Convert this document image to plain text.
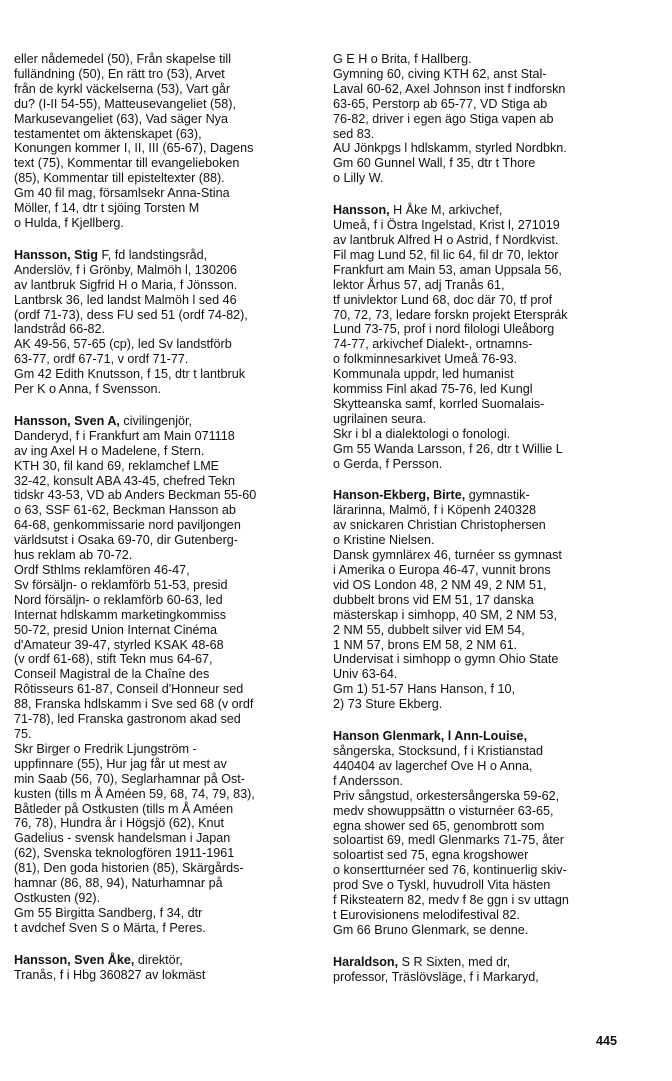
eller nådemedel (50), Från skapelse till
fulländning (50), En rätt tro (53), Arvet
från de kyrkl väckelserna (53), Vart går
du? (I-II 54-55), Matteusevangeliet (58),
Markusevangeliet (63), Vad säger Nya
testamentet om äktenskapet (63),
Konungen kommer I, II, III (65-67), Dagens
text (75), Kommentar till evangelieboken
(85), Kommentar till episteltexter (88).
Gm 40 fil mag, församlsekr Anna-Stina
Möller, f 14, dtr t sjöing Torsten M
o Hulda, f Kjellberg.
Hansson, Stig F, fd landstingsråd,
Anderslöv, f i Grönby, Malmöh l, 130206
av lantbruk Sigfrid H o Maria, f Jönsson.
Lantbrsk 36, led landst Malmöh l sed 46
(ordf 71-73), dess FU sed 51 (ordf 74-82),
landstråd 66-82.
AK 49-56, 57-65 (cp), led Sv landstförb
63-77, ordf 67-71, v ordf 71-77.
Gm 42 Edith Knutsson, f 15, dtr t lantbruk
Per K o Anna, f Svensson.
Hansson, Sven A, civilingenjör,
Danderyd, f i Frankfurt am Main 071118
av ing Axel H o Madelene, f Stern.
KTH 30, fil kand 69, reklamchef LME
32-42, konsult ABA 43-45, chefred Tekn
tidskr 43-53, VD ab Anders Beckman 55-60
o 63, SSF 61-62, Beckman Hansson ab
64-68, genkommissarie nord paviljongen
världsutst i Osaka 69-70, dir Gutenberg-
hus reklam ab 70-72.
Ordf Sthlms reklamfören 46-47,
Sv försäljn- o reklamförb 51-53, presid
Nord försäljn- o reklamförb 60-63, led
Internat hdlskamm marketingkommiss
50-72, presid Union Internat Cinéma
d'Amateur 39-47, styrled KSAK 48-68
(v ordf 61-68), stift Tekn mus 64-67,
Conseil Magistral de la Chaîne des
Rôtisseurs 61-87, Conseil d'Honneur sed
88, Franska hdlskamm i Sve sed 68 (v ordf
71-78), led Franska gastronom akad sed
75.
Skr Birger o Fredrik Ljungström -
uppfinnare (55), Hur jag får ut mest av
min Saab (56, 70), Seglarhamnar på Ost-
kusten (tills m Å Améen 59, 68, 74, 79, 83),
Båtleder på Ostkusten (tills m Å Améen
76, 78), Hundra år i Högsjö (62), Knut
Gadelius - svensk handelsman i Japan
(62), Svenska teknologfören 1911-1961
(81), Den goda historien (85), Skärgårds-
hamnar (86, 88, 94), Naturhamnar på
Ostkusten (92).
Gm 55 Birgitta Sandberg, f 34, dtr
t avdchef Sven S o Märta, f Peres.
Hansson, Sven Åke, direktör,
Tranås, f i Hbg 360827 av lokmäst
G E H o Brita, f Hallberg.
Gymning 60, civing KTH 62, anst Stal-
Laval 60-62, Axel Johnson inst f indforskn
63-65, Perstorp ab 65-77, VD Stiga ab
76-82, driver i egen ägo Stiga vapen ab
sed 83.
AU Jönkpgs l hdlskamm, styrled Nordbkn.
Gm 60 Gunnel Wall, f 35, dtr t Thore
o Lilly W.
Hansson, H Åke M, arkivchef,
Umeå, f i Östra Ingelstad, Krist l, 271019
av lantbruk Alfred H o Astrid, f Nordkvist.
Fil mag Lund 52, fil lic 64, fil dr 70, lektor
Frankfurt am Main 53, aman Uppsala 56,
lektor Århus 57, adj Tranås 61,
tf univlektor Lund 68, doc där 70, tf prof
70, 72, 73, ledare forskn projekt Etersprák
Lund 73-75, prof i nord filologi Uleåborg
74-77, arkivchef Dialekt-, ortnamns-
o folkminnesarkivet Umeå 76-93.
Kommunala uppdr, led humanist
kommiss Finl akad 75-76, led Kungl
Skytteanska samf, korrled Suomalais-
ugrilainen seura.
Skr i bl a dialektologi o fonologi.
Gm 55 Wanda Larsson, f 26, dtr t Willie L
o Gerda, f Persson.
Hanson-Ekberg, Birte, gymnastik-
lärarinna, Malmö, f i Köpenh 240328
av snickaren Christian Christophersen
o Kristine Nielsen.
Dansk gymnlärex 46, turnéer ss gymnast
i Amerika o Europa 46-47, vunnit brons
vid OS London 48, 2 NM 49, 2 NM 51,
dubbelt brons vid EM 51, 17 danska
mästerskap i simhopp, 40 SM, 2 NM 53,
2 NM 55, dubbelt silver vid EM 54,
1 NM 57, brons EM 58, 2 NM 61.
Undervisat i simhopp o gymn Ohio State
Univ 63-64.
Gm 1) 51-57 Hans Hanson, f 10,
2) 73 Sture Ekberg.
Hanson Glenmark, l Ann-Louise,
sångerska, Stocksund, f i Kristianstad
440404 av lagerchef Ove H o Anna,
f Andersson.
Priv sångstud, orkestersångerska 59-62,
medv showuppsättn o visturnéer 63-65,
egna shower sed 65, genombrott som
soloartist 69, medl Glenmarks 71-75, åter
soloartist sed 75, egna krogshower
o konsertturnéer sed 76, kontinuerlig skiv-
prod Sve o Tyskl, huvudroll Vita hästen
f Riksteatern 82, medv f 8e ggn i sv uttagn
t Eurovisionens melodifestival 82.
Gm 66 Bruno Glenmark, se denne.
Haraldson, S R Sixten, med dr,
professor, Träslövsläge, f i Markaryd,
445
